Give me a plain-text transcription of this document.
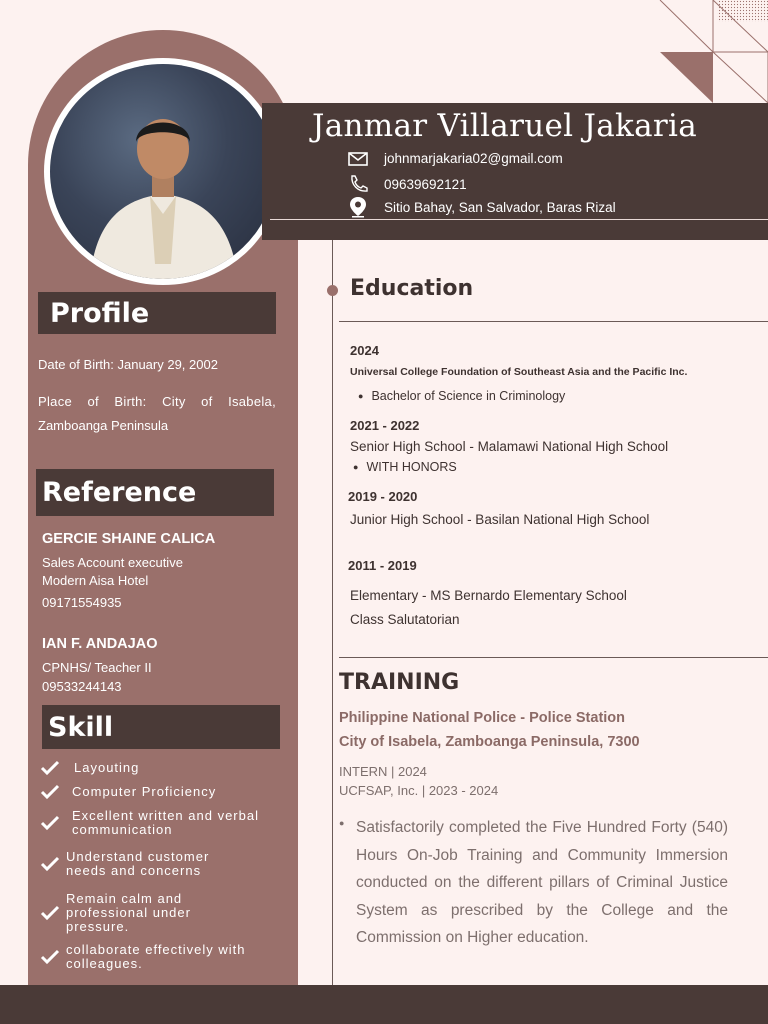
Profile
Date of Birth: January 29, 2002
Place of Birth: City of Isabela,
Zamboanga Peninsula
Reference
GERCIE SHAINE CALICA
Sales Account executive
Modern Aisa Hotel
09171554935
IAN F. ANDAJAO
CPNHS/ Teacher II
09533244143
Skill
Layouting
Computer Proficiency
Excellent written and verbal
communication
Understand customer
needs and concerns
Remain calm and
professional under
pressure.
collaborate effectively with
colleagues.
Janmar Villaruel Jakaria
johnmarjakaria02@gmail.com
09639692121
Sitio Bahay, San Salvador, Baras Rizal
Education
2024
Universal College Foundation of Southeast Asia and the Pacific Inc.
● Bachelor of Science in Criminology
2021 - 2022
Senior High School - Malamawi National High School
● WITH HONORS
2019 - 2020
Junior High School - Basilan National High School
2011 - 2019
Elementary - MS Bernardo Elementary School
Class Salutatorian
TRAINING
Philippine National Police - Police Station
City of Isabela, Zamboanga Peninsula, 7300
INTERN | 2024
UCFSAP, Inc. | 2023 - 2024
● Satisfactorily completed the Five Hundred Forty (540) Hours On-Job Training and Community Immersion conducted on the different pillars of Criminal Justice System as prescribed by the College and the Commission on Higher education.
